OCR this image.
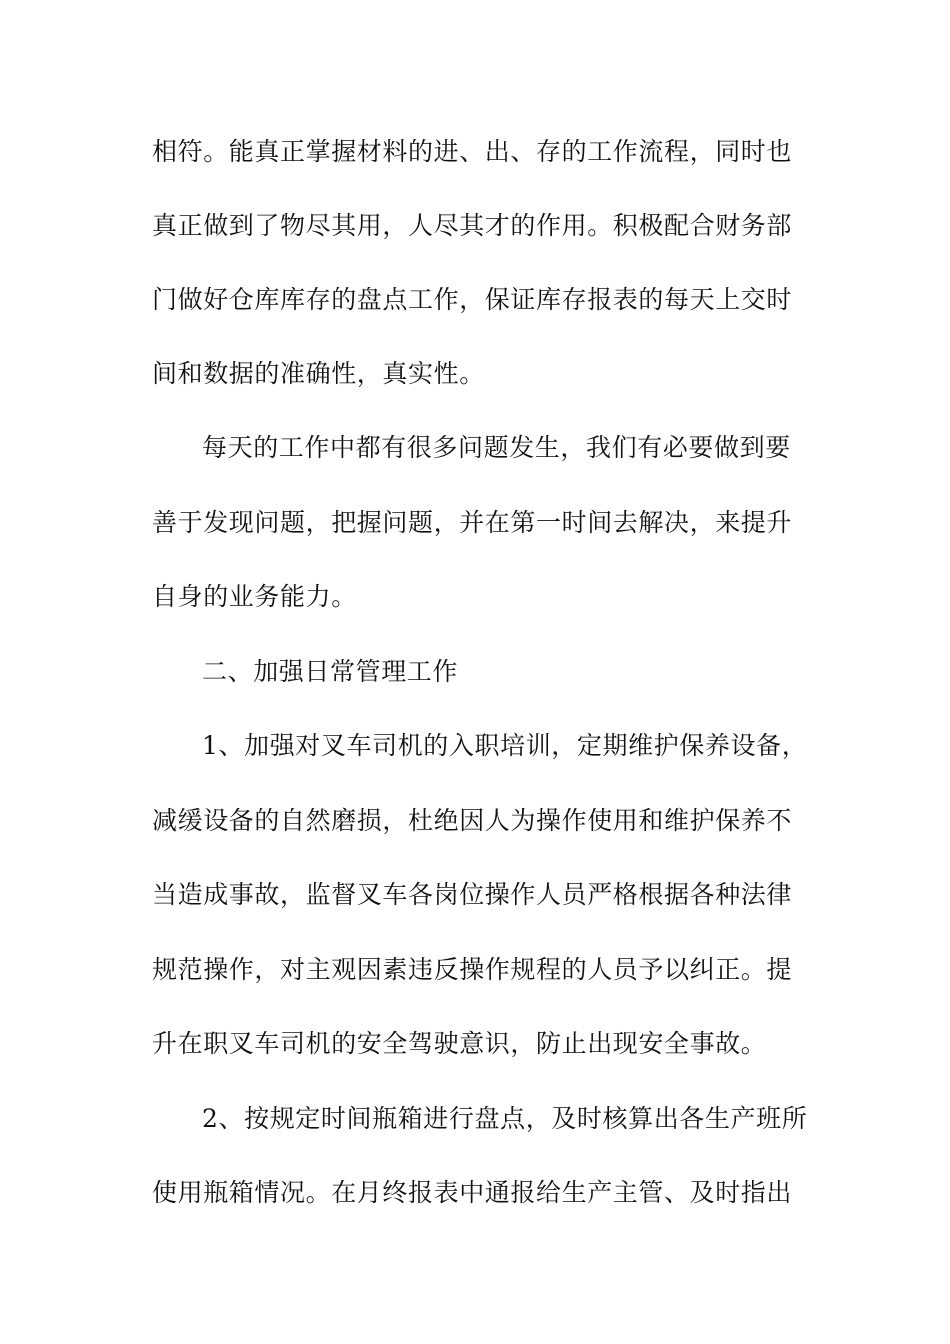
相符。能真正掌握材料的进、出、存的工作流程，同时也
真正做到了物尽其用，人尽其才的作用。积极配合财务部
门做好仓库库存的盘点工作，保证库存报表的每天上交时
间和数据的准确性，真实性。
每天的工作中都有很多问题发生，我们有必要做到要
善于发现问题，把握问题，并在第一时间去解决，来提升
自身的业务能力。
二、加强日常管理工作
1、加强对叉车司机的入职培训，定期维护保养设备，
减缓设备的自然磨损，杜绝因人为操作使用和维护保养不
当造成事故，监督叉车各岗位操作人员严格根据各种法律
规范操作，对主观因素违反操作规程的人员予以纠正。提
升在职叉车司机的安全驾驶意识，防止出现安全事故。
2、按规定时间瓶箱进行盘点，及时核算出各生产班所
使用瓶箱情况。在月终报表中通报给生产主管、及时指出
